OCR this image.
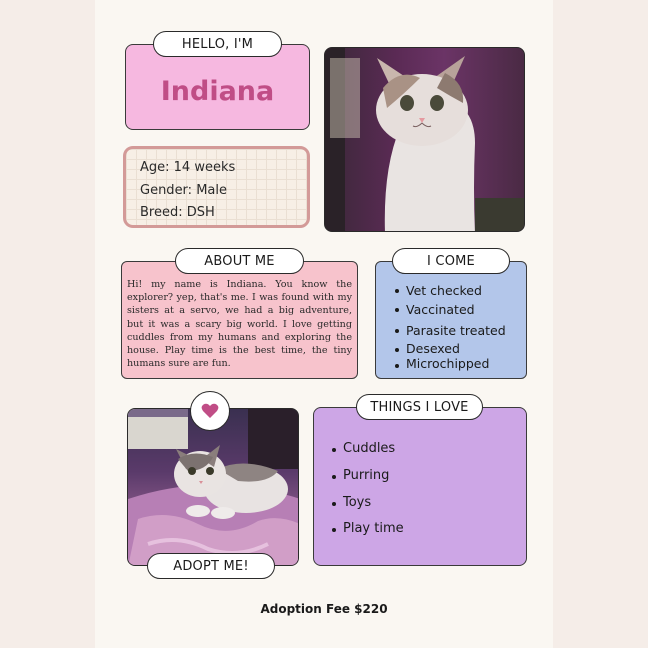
Indiana
HELLO, I'M
Age: 14 weeks
Gender: Male
Breed: DSH

Hi! my name is Indiana. You know the explorer? yep, that's me. I was found with my sisters at a servo, we had a big adventure, but it was a scary big world. I love getting cuddles from my humans and exploring the house. Play time is the best time, the tiny humans sure are fun.

ABOUT ME
Vet checked
Vaccinated
Parasite treated
Desexed
Microchipped
I COME
ADOPT ME!
Cuddles
Purring
Toys
Play time
THINGS I LOVE
Adoption Fee $220
